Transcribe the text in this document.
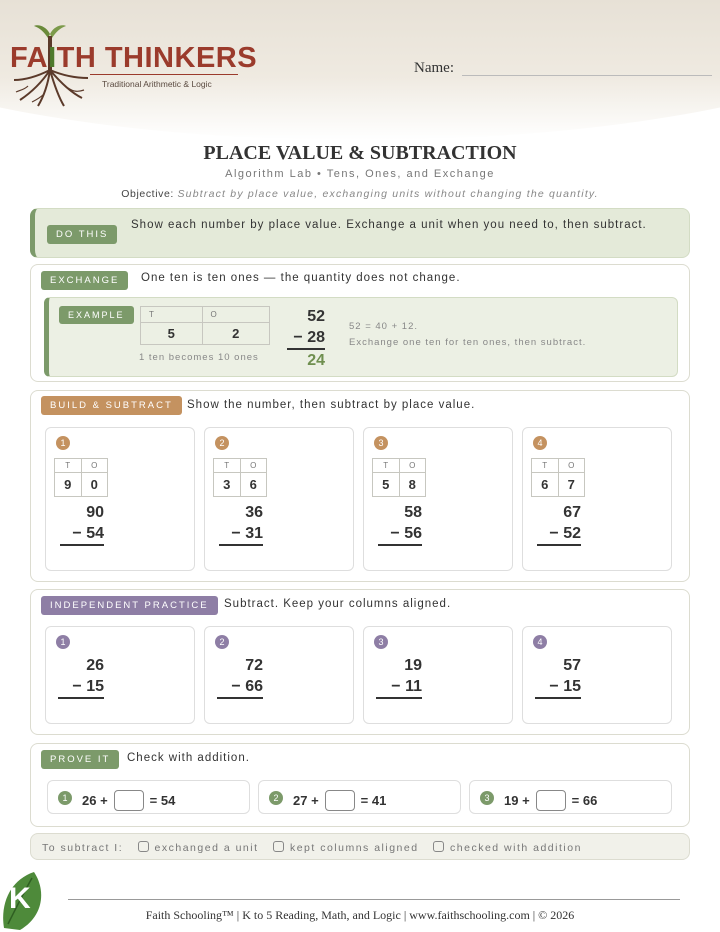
FAITH THINKERS
Traditional Arithmetic & Logic
Name:
PLACE VALUE & SUBTRACTION
Algorithm Lab • Tens, Ones, and Exchange
Objective: Subtract by place value, exchanging units without changing the quantity.
DO THIS
Show each number by place value. Exchange a unit when you need to, then subtract.
EXCHANGE	One ten is ten ones — the quantity does not change.
EXAMPLE	T	O
5	2
1 ten becomes 10 ones
52
− 28
24
52 = 40 + 12.
Exchange one ten for ten ones, then subtract.
BUILD & SUBTRACT	Show the number, then subtract by place value.
1
T	O
9	0
90
− 54
2
T	O
3	6
36
− 31
3
T	O
5	8
58
− 56
4
T	O
6	7
67
− 52
INDEPENDENT PRACTICE	Subtract. Keep your columns aligned.
1
26
− 15
2
72
− 66
3
19
− 11
4
57
− 15
PROVE IT	Check with addition.
1	26 +	= 54	2	27 +	= 41	3	19 +	= 66
To subtract I:	exchanged a unit	kept columns aligned	checked with addition
K	Faith Schooling™ | K to 5 Reading, Math, and Logic | www.faithschooling.com | © 2026
